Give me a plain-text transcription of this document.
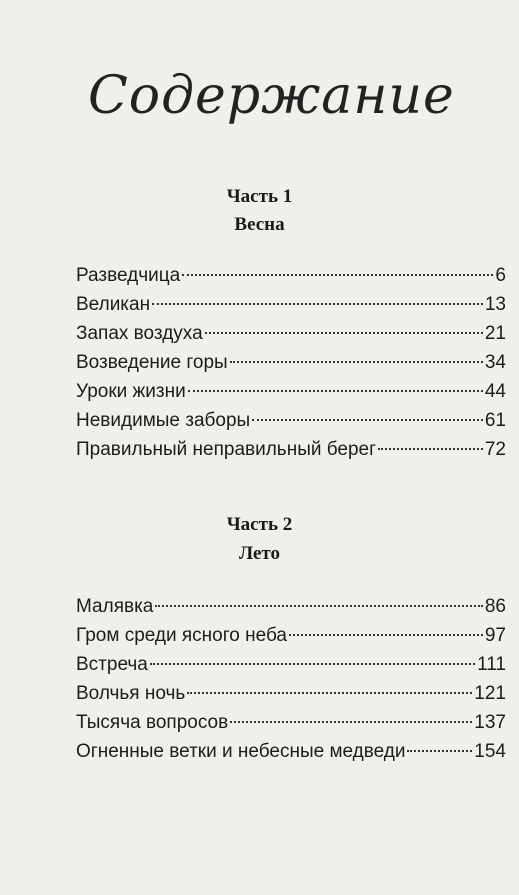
Содержание
Часть 1
Весна
Разведчица	6
Великан	13
Запах воздуха	21
Возведение горы	34
Уроки жизни	44
Невидимые заборы	61
Правильный неправильный берег	72
Часть 2
Лето
Малявка	86
Гром среди ясного неба	97
Встреча	111
Волчья ночь	121
Тысяча вопросов	137
Огненные ветки и небесные медведи	154
